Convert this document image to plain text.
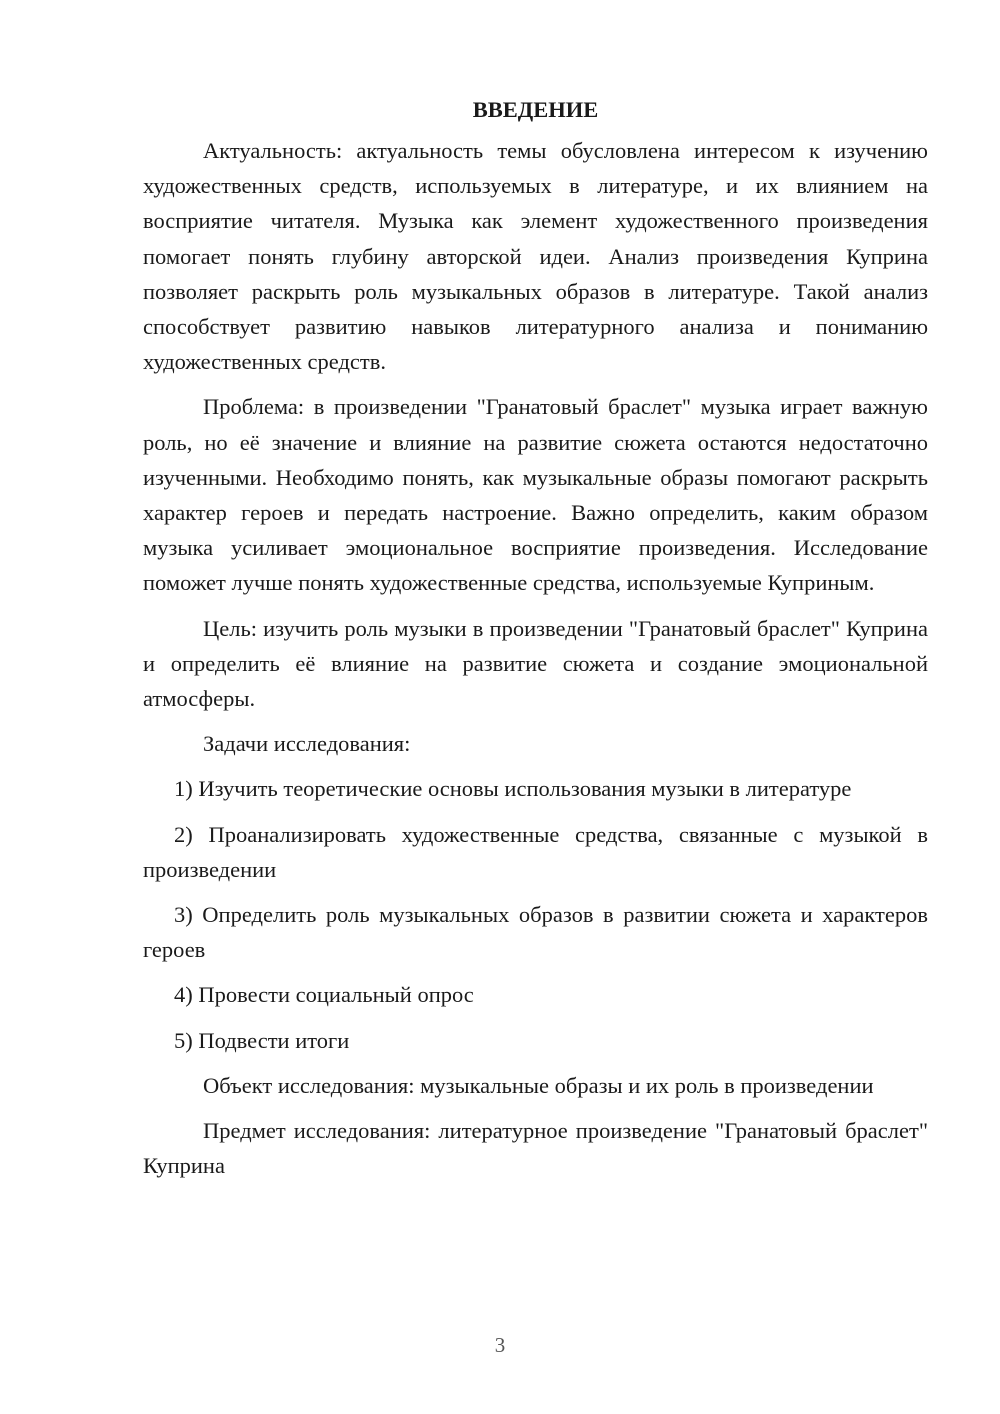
ВВЕДЕНИЕ

Актуальность: актуальность темы обусловлена интересом к изучению художественных средств, используемых в литературе, и их влиянием на восприятие читателя. Музыка как элемент художественного произведения помогает понять глубину авторской идеи. Анализ произведения Куприна позволяет раскрыть роль музыкальных образов в литературе. Такой анализ способствует развитию навыков литературного анализа и пониманию художественных средств.

Проблема: в произведении "Гранатовый браслет" музыка играет важную роль, но её значение и влияние на развитие сюжета остаются недостаточно изученными. Необходимо понять, как музыкальные образы помогают раскрыть характер героев и передать настроение. Важно определить, каким образом музыка усиливает эмоциональное восприятие произведения. Исследование поможет лучше понять художественные средства, используемые Куприным.

Цель: изучить роль музыки в произведении "Гранатовый браслет" Куприна и определить её влияние на развитие сюжета и создание эмоциональной атмосферы.

Задачи исследования:

1) Изучить теоретические основы использования музыки в литературе

2) Проанализировать художественные средства, связанные с музыкой в произведении

3) Определить роль музыкальных образов в развитии сюжета и характеров героев

4) Провести социальный опрос

5) Подвести итоги

Объект исследования: музыкальные образы и их роль в произведении

Предмет исследования: литературное произведение "Гранатовый браслет" Куприна

3
